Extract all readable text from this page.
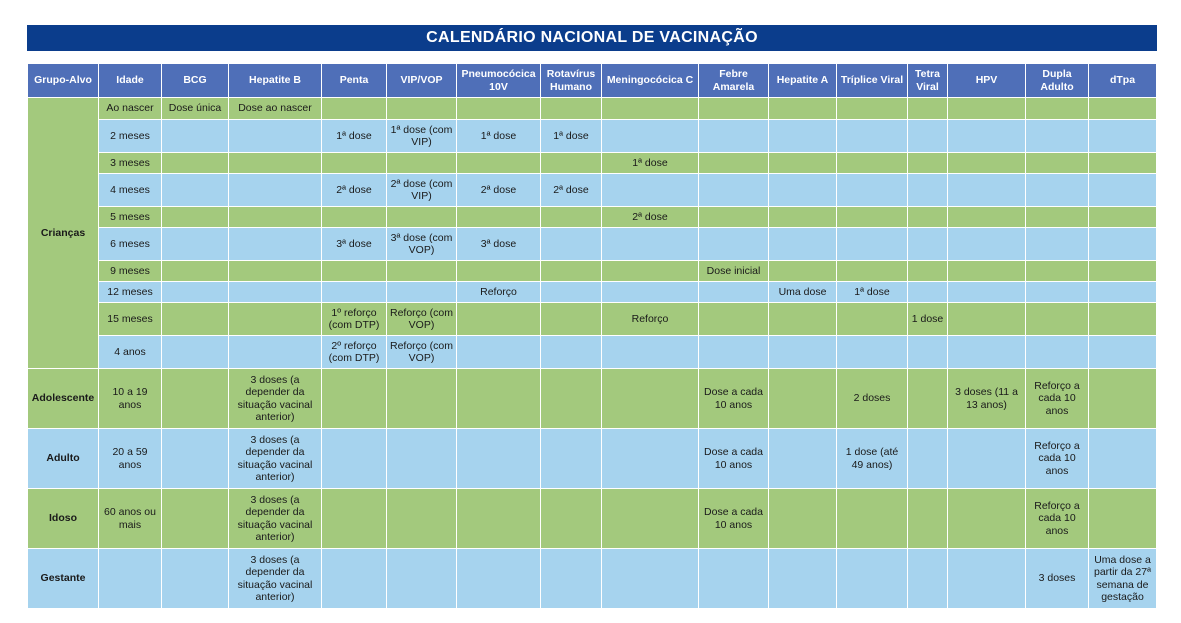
CALENDÁRIO NACIONAL DE VACINAÇÃO
Grupo-Alvo	Idade	BCG	Hepatite B	Penta	VIP/VOP	Pneumocócica 10V	Rotavírus Humano	Meningocócica C	Febre Amarela	Hepatite A	Tríplice Viral	Tetra Viral	HPV	Dupla Adulto	dTpa
Crianças	Ao nascer	Dose única	Dose ao nascer												
	2 meses			1ª dose	1ª dose (com VIP)	1ª dose	1ª dose								
	3 meses							1ª dose							
	4 meses			2ª dose	2ª dose (com VIP)	2ª dose	2ª dose								
	5 meses							2ª dose							
	6 meses			3ª dose	3ª dose (com VOP)	3ª dose									
	9 meses								Dose inicial						
	12 meses					Reforço				Uma dose	1ª dose				
	15 meses			1º reforço (com DTP)	Reforço (com VOP)			Reforço				1 dose			
	4 anos			2º reforço (com DTP)	Reforço (com VOP)										
Adolescente	10 a 19 anos		3 doses (a depender da situação vacinal anterior)						Dose a cada 10 anos		2 doses		3 doses (11 a 13 anos)	Reforço a cada 10 anos	
Adulto	20 a 59 anos		3 doses (a depender da situação vacinal anterior)						Dose a cada 10 anos		1 dose (até 49 anos)			Reforço a cada 10 anos	
Idoso	60 anos ou mais		3 doses (a depender da situação vacinal anterior)						Dose a cada 10 anos					Reforço a cada 10 anos	
Gestante			3 doses (a depender da situação vacinal anterior)											3 doses	Uma dose a partir da 27ª semana de gestação
